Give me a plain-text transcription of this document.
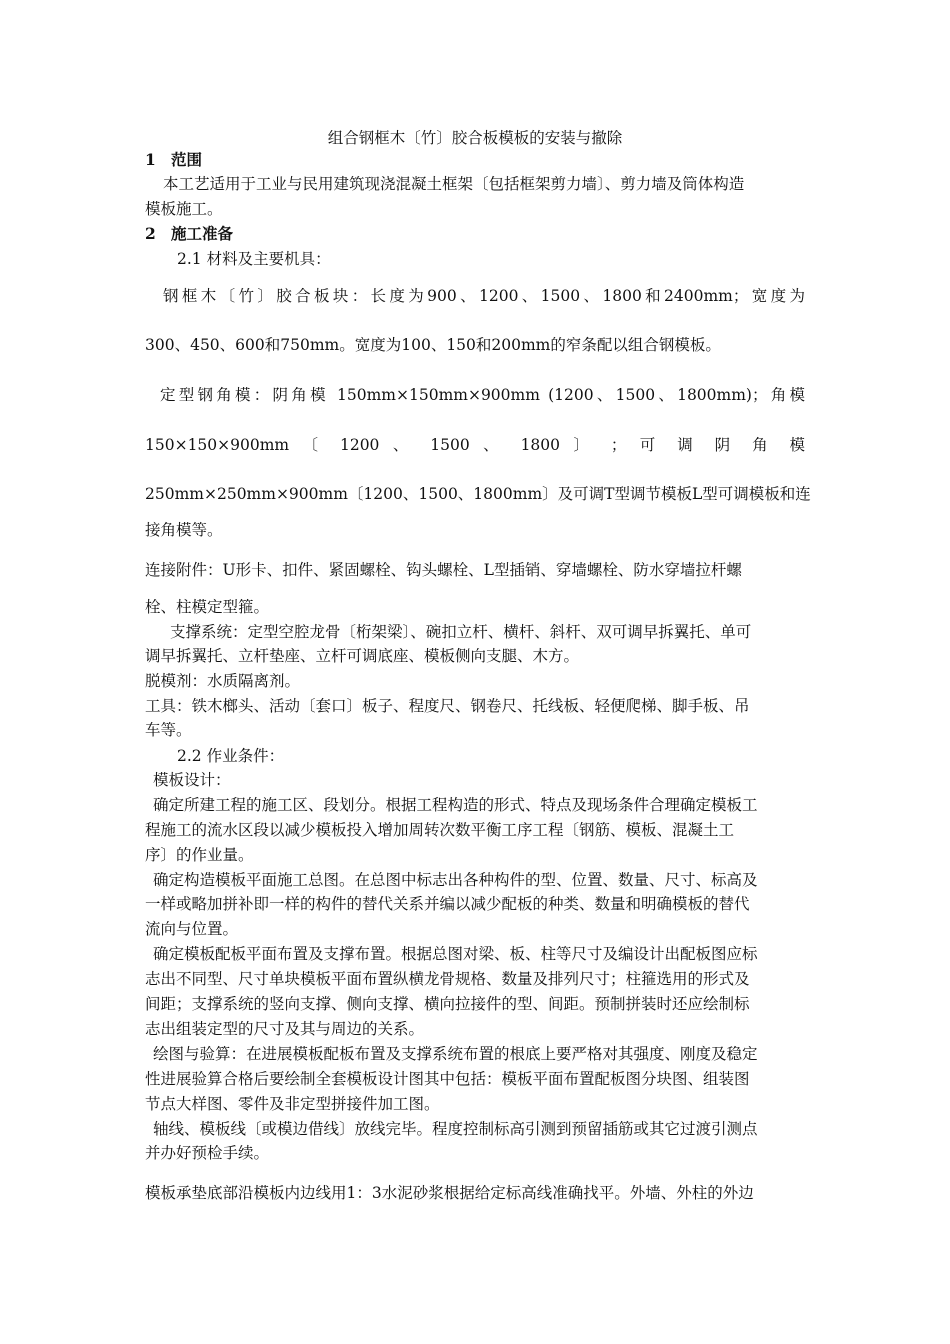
组合钢框木〔竹〕胶合板模板的安装与撤除
1 范围
本工艺适用于工业与民用建筑现浇混凝土框架〔包括框架剪力墙〕、剪力墙及筒体构造
模板施工。
2 施工准备
2.1 材料及主要机具：
钢框木〔竹〕胶合板块：长度为900、1200、1500、1800和2400mm；宽度为
300、450、600和750mm。宽度为100、150和200mm的窄条配以组合钢模板。
定型钢角模：阴角模 150mm×150mm×900mm (1200、1500、1800mm)；角模
150×150×900mm 〔 1200 、 1500 、 1800 〕 ； 可 调 阴 角 模
250mm×250mm×900mm〔1200、1500、1800mm〕及可调T型调节模板L型可调模板和连
接角模等。
连接附件：U形卡、扣件、紧固螺栓、钩头螺栓、L型插销、穿墙螺栓、防水穿墙拉杆螺
栓、柱模定型箍。
支撑系统：定型空腔龙骨〔桁架梁〕、碗扣立杆、横杆、斜杆、双可调早拆翼托、单可
调早拆翼托、立杆垫座、立杆可调底座、模板侧向支腿、木方。
脱模剂：水质隔离剂。
工具：铁木榔头、活动〔套口〕板子、程度尺、钢卷尺、托线板、轻便爬梯、脚手板、吊
车等。
2.2 作业条件：
模板设计：
确定所建工程的施工区、段划分。根据工程构造的形式、特点及现场条件合理确定模板工
程施工的流水区段以减少模板投入增加周转次数平衡工序工程〔钢筋、模板、混凝土工
序〕的作业量。
确定构造模板平面施工总图。在总图中标志出各种构件的型、位置、数量、尺寸、标高及
一样或略加拼补即一样的构件的替代关系并编以减少配板的种类、数量和明确模板的替代
流向与位置。
确定模板配板平面布置及支撑布置。根据总图对梁、板、柱等尺寸及编设计出配板图应标
志出不同型、尺寸单块模板平面布置纵横龙骨规格、数量及排列尺寸；柱箍选用的形式及
间距；支撑系统的竖向支撑、侧向支撑、横向拉接件的型、间距。预制拼装时还应绘制标
志出组装定型的尺寸及其与周边的关系。
绘图与验算：在进展模板配板布置及支撑系统布置的根底上要严格对其强度、刚度及稳定
性进展验算合格后要绘制全套模板设计图其中包括：模板平面布置配板图分块图、组装图
节点大样图、零件及非定型拼接件加工图。
轴线、模板线〔或模边借线〕放线完毕。程度控制标高引测到预留插筋或其它过渡引测点
并办好预检手续。
模板承垫底部沿模板内边线用1：3水泥砂浆根据给定标高线准确找平。外墙、外柱的外边
